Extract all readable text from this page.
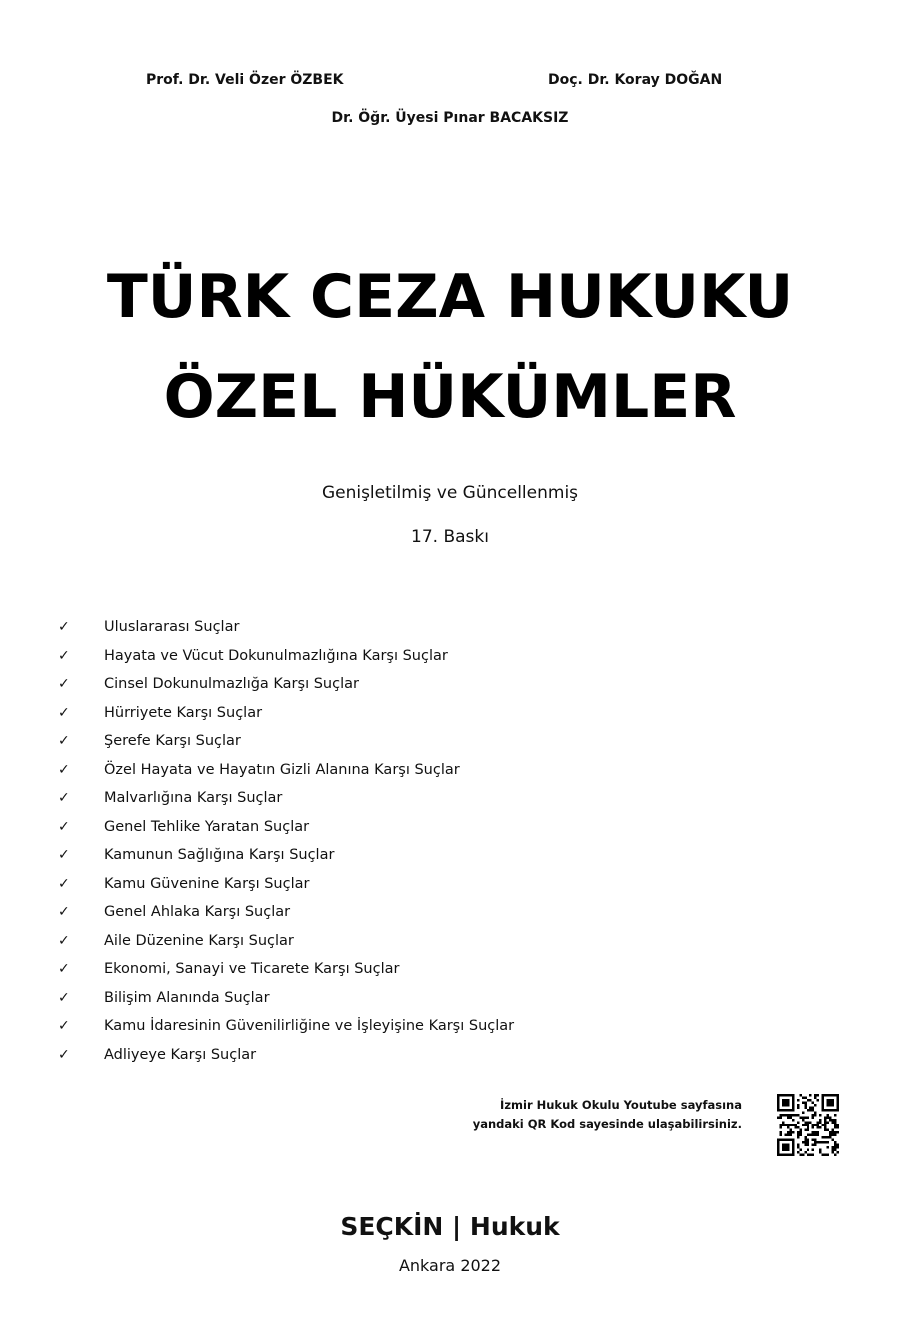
Prof. Dr. Veli Özer ÖZBEK	Doç. Dr. Koray DOĞAN
Dr. Öğr. Üyesi Pınar BACAKSIZ
TÜRK CEZA HUKUKU
ÖZEL HÜKÜMLER
Genişletilmiş ve Güncellenmiş
17. Baskı
✓	Uluslararası Suçlar
✓	Hayata ve Vücut Dokunulmazlığına Karşı Suçlar
✓	Cinsel Dokunulmazlığa Karşı Suçlar
✓	Hürriyete Karşı Suçlar
✓	Şerefe Karşı Suçlar
✓	Özel Hayata ve Hayatın Gizli Alanına Karşı Suçlar
✓	Malvarlığına Karşı Suçlar
✓	Genel Tehlike Yaratan Suçlar
✓	Kamunun Sağlığına Karşı Suçlar
✓	Kamu Güvenine Karşı Suçlar
✓	Genel Ahlaka Karşı Suçlar
✓	Aile Düzenine Karşı Suçlar
✓	Ekonomi, Sanayi ve Ticarete Karşı Suçlar
✓	Bilişim Alanında Suçlar
✓	Kamu İdaresinin Güvenilirliğine ve İşleyişine Karşı Suçlar
✓	Adliyeye Karşı Suçlar
İzmir Hukuk Okulu Youtube sayfasına
yandaki QR Kod sayesinde ulaşabilirsiniz.
SEÇKİN | Hukuk
Ankara 2022
